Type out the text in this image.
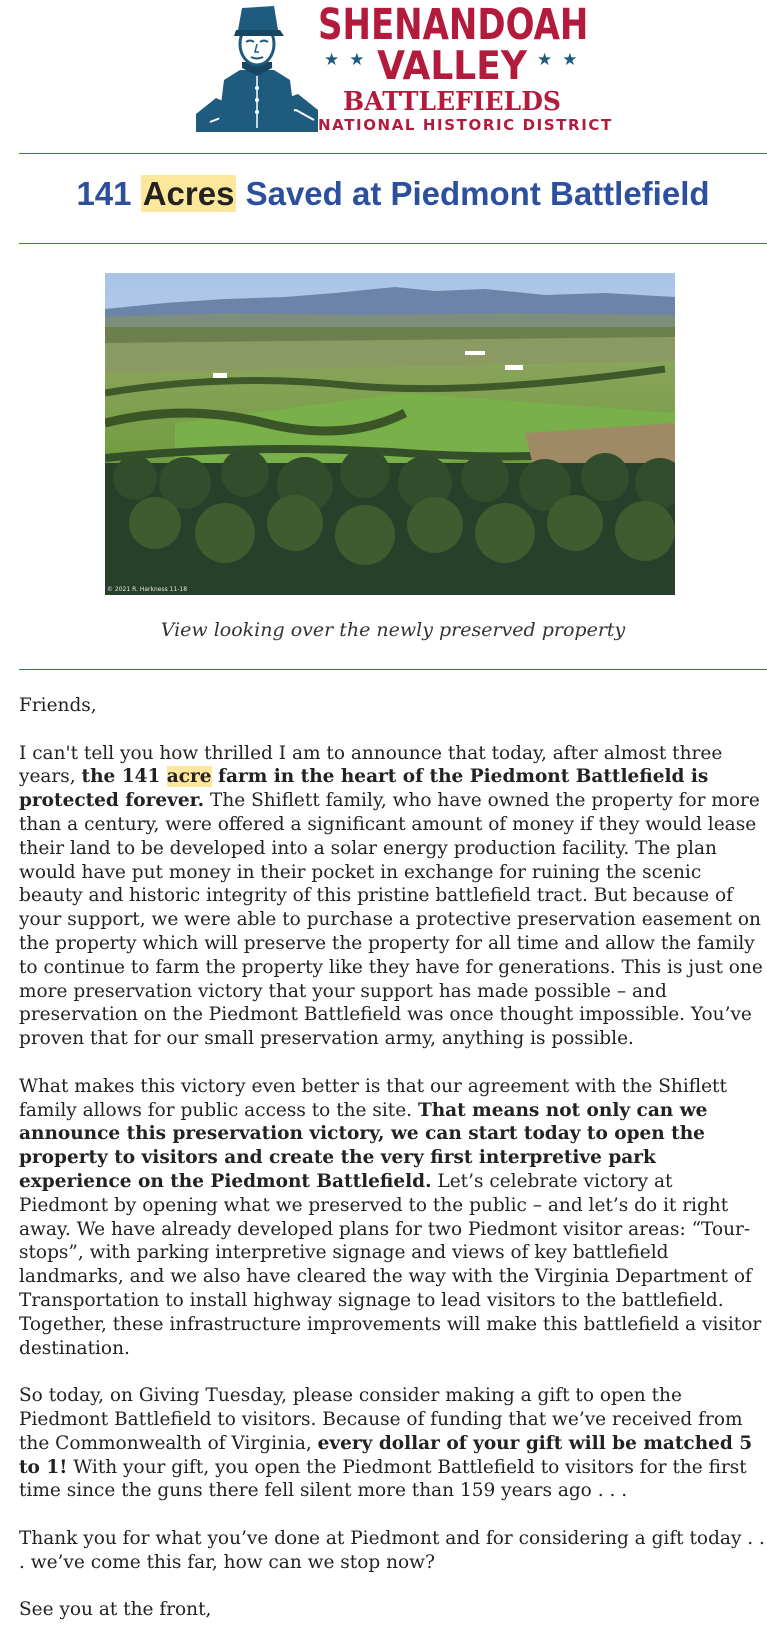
SHENANDOAH
★★	★★
VALLEY
BATTLEFIELDS
NATIONAL HISTORIC DISTRICT
141 Acres Saved at Piedmont Battlefield
© 2021 R. Harkness 11-18
View looking over the newly preserved property

Friends,

I can't tell you how thrilled I am to announce that today, after almost three years, the 141 acre farm in the heart of the Piedmont Battlefield is protected forever. The Shiflett family, who have owned the property for more than a century, were offered a significant amount of money if they would lease their land to be developed into a solar energy production facility. The plan would have put money in their pocket in exchange for ruining the scenic beauty and historic integrity of this pristine battlefield tract. But because of your support, we were able to purchase a protective preservation easement on the property which will preserve the property for all time and allow the family to continue to farm the property like they have for generations. This is just one more preservation victory that your support has made possible – and preservation on the Piedmont Battlefield was once thought impossible. You’ve proven that for our small preservation army, anything is possible.

What makes this victory even better is that our agreement with the Shiflett family allows for public access to the site. That means not only can we announce this preservation victory, we can start today to open the property to visitors and create the very first interpretive park experience on the Piedmont Battlefield. Let’s celebrate victory at Piedmont by opening what we preserved to the public – and let’s do it right away. We have already developed plans for two Piedmont visitor areas: “Tour-stops”, with parking interpretive signage and views of key battlefield landmarks, and we also have cleared the way with the Virginia Department of Transportation to install highway signage to lead visitors to the battlefield. Together, these infrastructure improvements will make this battlefield a visitor destination.

So today, on Giving Tuesday, please consider making a gift to open the Piedmont Battlefield to visitors. Because of funding that we’ve received from the Commonwealth of Virginia, every dollar of your gift will be matched 5 to 1! With your gift, you open the Piedmont Battlefield to visitors for the first time since the guns there fell silent more than 159 years ago . . .

Thank you for what you’ve done at Piedmont and for considering a gift today . . . we’ve come this far, how can we stop now?

See you at the front,
